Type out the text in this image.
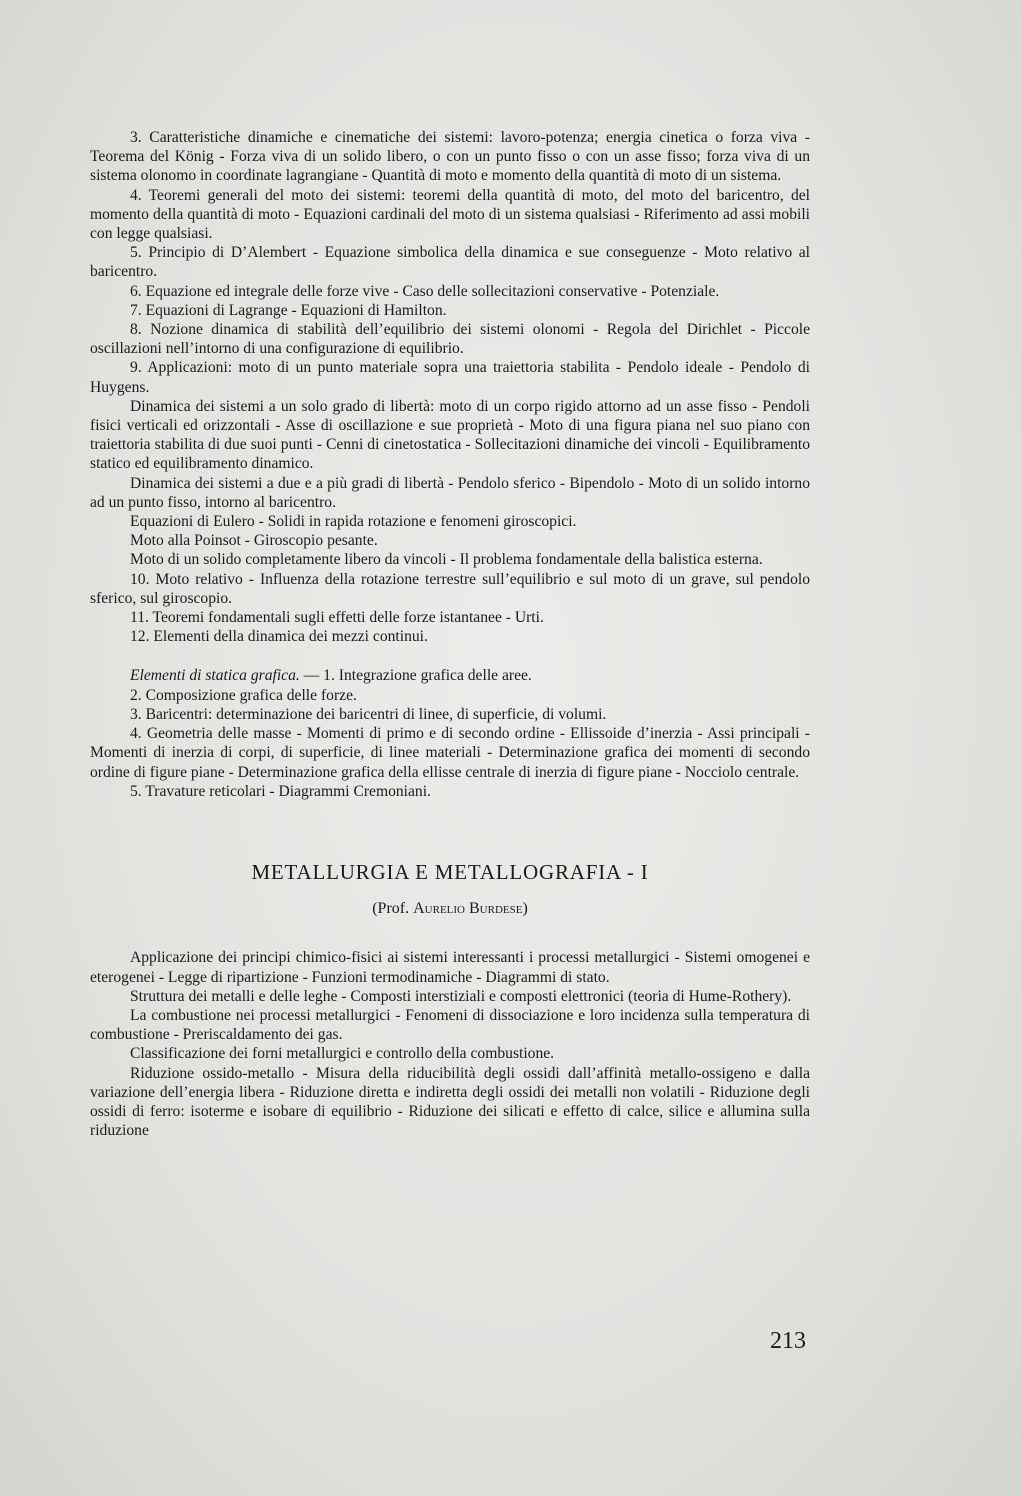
3. Caratteristiche dinamiche e cinematiche dei sistemi: lavoro-potenza; energia cinetica o forza viva - Teorema del König - Forza viva di un solido libero, o con un punto fisso o con un asse fisso; forza viva di un sistema olonomo in coordinate lagrangiane - Quantità di moto e momento della quantità di moto di un sistema.

4. Teoremi generali del moto dei sistemi: teoremi della quantità di moto, del moto del baricentro, del momento della quantità di moto - Equazioni cardinali del moto di un sistema qualsiasi - Riferimento ad assi mobili con legge qualsiasi.

5. Principio di D’Alembert - Equazione simbolica della dinamica e sue conseguenze - Moto relativo al baricentro.

6. Equazione ed integrale delle forze vive - Caso delle sollecitazioni conservative - Potenziale.

7. Equazioni di Lagrange - Equazioni di Hamilton.

8. Nozione dinamica di stabilità dell’equilibrio dei sistemi olonomi - Regola del Dirichlet - Piccole oscillazioni nell’intorno di una configurazione di equilibrio.

9. Applicazioni: moto di un punto materiale sopra una traiettoria stabilita - Pendolo ideale - Pendolo di Huygens.

Dinamica dei sistemi a un solo grado di libertà: moto di un corpo rigido attorno ad un asse fisso - Pendoli fisici verticali ed orizzontali - Asse di oscillazione e sue proprietà - Moto di una figura piana nel suo piano con traiettoria stabilita di due suoi punti - Cenni di cinetostatica - Sollecitazioni dinamiche dei vincoli - Equilibramento statico ed equilibramento dinamico.

Dinamica dei sistemi a due e a più gradi di libertà - Pendolo sferico - Bipendolo - Moto di un solido intorno ad un punto fisso, intorno al baricentro.

Equazioni di Eulero - Solidi in rapida rotazione e fenomeni giroscopici.

Moto alla Poinsot - Giroscopio pesante.

Moto di un solido completamente libero da vincoli - Il problema fondamentale della balistica esterna.

10. Moto relativo - Influenza della rotazione terrestre sull’equilibrio e sul moto di un grave, sul pendolo sferico, sul giroscopio.

11. Teoremi fondamentali sugli effetti delle forze istantanee - Urti.

12. Elementi della dinamica dei mezzi continui.

Elementi di statica grafica. — 1. Integrazione grafica delle aree.

2. Composizione grafica delle forze.

3. Baricentri: determinazione dei baricentri di linee, di superficie, di volumi.

4. Geometria delle masse - Momenti di primo e di secondo ordine - Ellissoide d’inerzia - Assi principali - Momenti di inerzia di corpi, di superficie, di linee materiali - Determinazione grafica dei momenti di secondo ordine di figure piane - Determinazione grafica della ellisse centrale di inerzia di figure piane - Nocciolo centrale.

5. Travature reticolari - Diagrammi Cremoniani.

METALLURGIA E METALLOGRAFIA - I

(Prof. Aurelio Burdese)

Applicazione dei principi chimico-fisici ai sistemi interessanti i processi metallurgici - Sistemi omogenei e eterogenei - Legge di ripartizione - Funzioni termodinamiche - Diagrammi di stato.

Struttura dei metalli e delle leghe - Composti interstiziali e composti elettronici (teoria di Hume-Rothery).

La combustione nei processi metallurgici - Fenomeni di dissociazione e loro incidenza sulla temperatura di combustione - Preriscaldamento dei gas.

Classificazione dei forni metallurgici e controllo della combustione.

Riduzione ossido-metallo - Misura della riducibilità degli ossidi dall’affinità metallo-ossigeno e dalla variazione dell’energia libera - Riduzione diretta e indiretta degli ossidi dei metalli non volatili - Riduzione degli ossidi di ferro: isoterme e isobare di equilibrio - Riduzione dei silicati e effetto di calce, silice e allumina sulla riduzione

213
